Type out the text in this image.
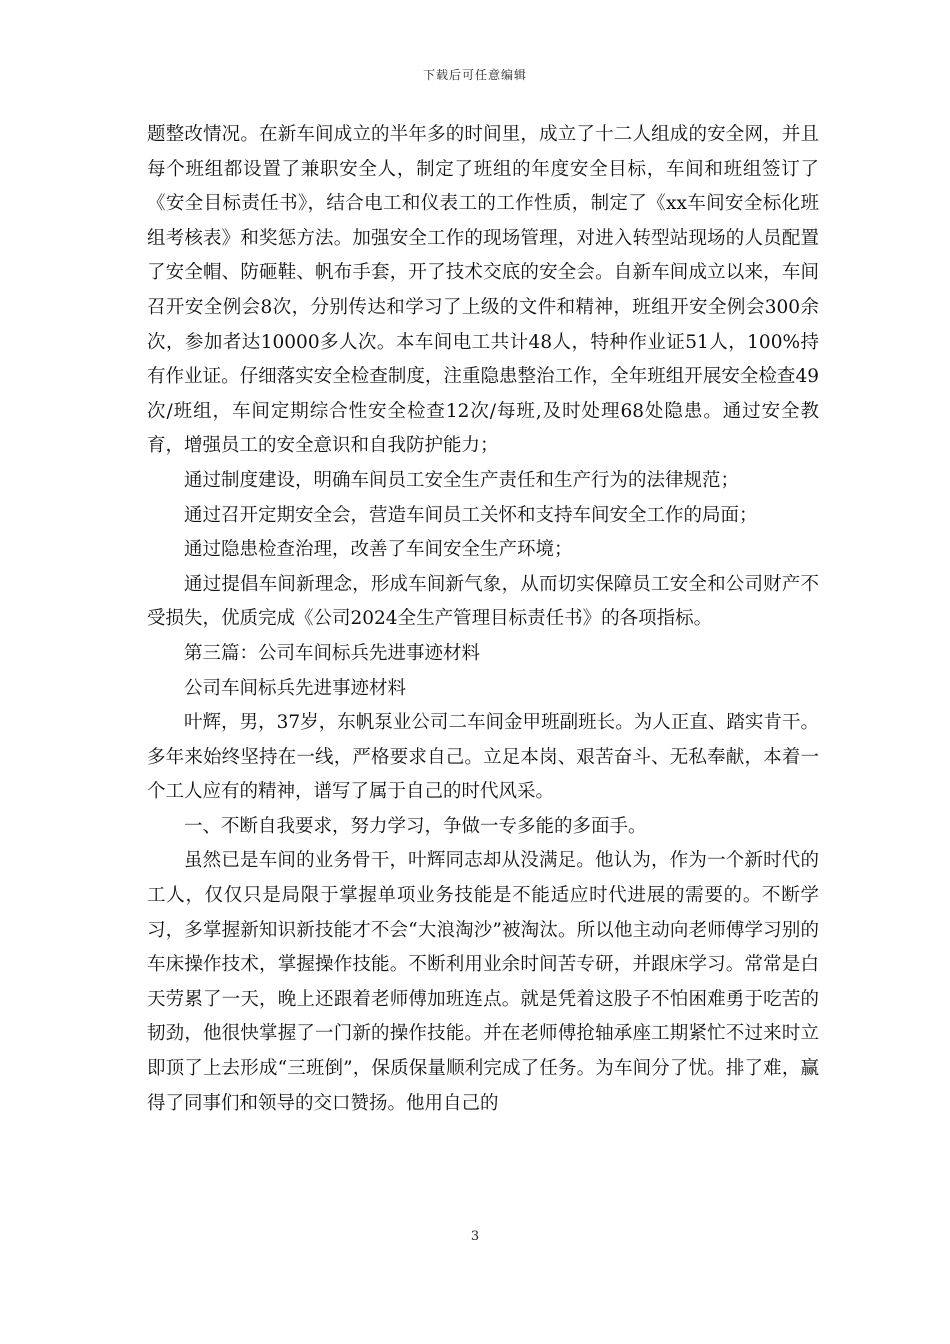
下载后可任意编辑

题整改情况。在新车间成立的半年多的时间里，成立了十二人组成的安全网，并且每个班组都设置了兼职安全人，制定了班组的年度安全目标，车间和班组签订了《安全目标责任书》，结合电工和仪表工的工作性质，制定了《xx车间安全标化班组考核表》和奖惩方法。加强安全工作的现场管理，对进入转型站现场的人员配置了安全帽、防砸鞋、帆布手套，开了技术交底的安全会。自新车间成立以来，车间召开安全例会8次，分别传达和学习了上级的文件和精神，班组开安全例会300余次，参加者达10000多人次。本车间电工共计48人，特种作业证51人，100%持有作业证。仔细落实安全检查制度，注重隐患整治工作，全年班组开展安全检查49次/班组，车间定期综合性安全检查12次/每班,及时处理68处隐患。通过安全教育，增强员工的安全意识和自我防护能力；

通过制度建设，明确车间员工安全生产责任和生产行为的法律规范；

通过召开定期安全会，营造车间员工关怀和支持车间安全工作的局面；

通过隐患检查治理，改善了车间安全生产环境；

通过提倡车间新理念，形成车间新气象，从而切实保障员工安全和公司财产不受损失，优质完成《公司2024全生产管理目标责任书》的各项指标。

第三篇：公司车间标兵先进事迹材料

公司车间标兵先进事迹材料

叶辉，男，37岁，东帆泵业公司二车间金甲班副班长。为人正直、踏实肯干。多年来始终坚持在一线，严格要求自己。立足本岗、艰苦奋斗、无私奉献，本着一个工人应有的精神，谱写了属于自己的时代风采。

一、不断自我要求，努力学习，争做一专多能的多面手。

虽然已是车间的业务骨干，叶辉同志却从没满足。他认为，作为一个新时代的工人，仅仅只是局限于掌握单项业务技能是不能适应时代进展的需要的。不断学习，多掌握新知识新技能才不会“大浪淘沙”被淘汰。所以他主动向老师傅学习别的车床操作技术，掌握操作技能。不断利用业余时间苦专研，并跟床学习。常常是白天劳累了一天，晚上还跟着老师傅加班连点。就是凭着这股子不怕困难勇于吃苦的韧劲，他很快掌握了一门新的操作技能。并在老师傅抢轴承座工期紧忙不过来时立即顶了上去形成“三班倒”，保质保量顺利完成了任务。为车间分了忧。排了难，赢得了同事们和领导的交口赞扬。他用自己的

3
